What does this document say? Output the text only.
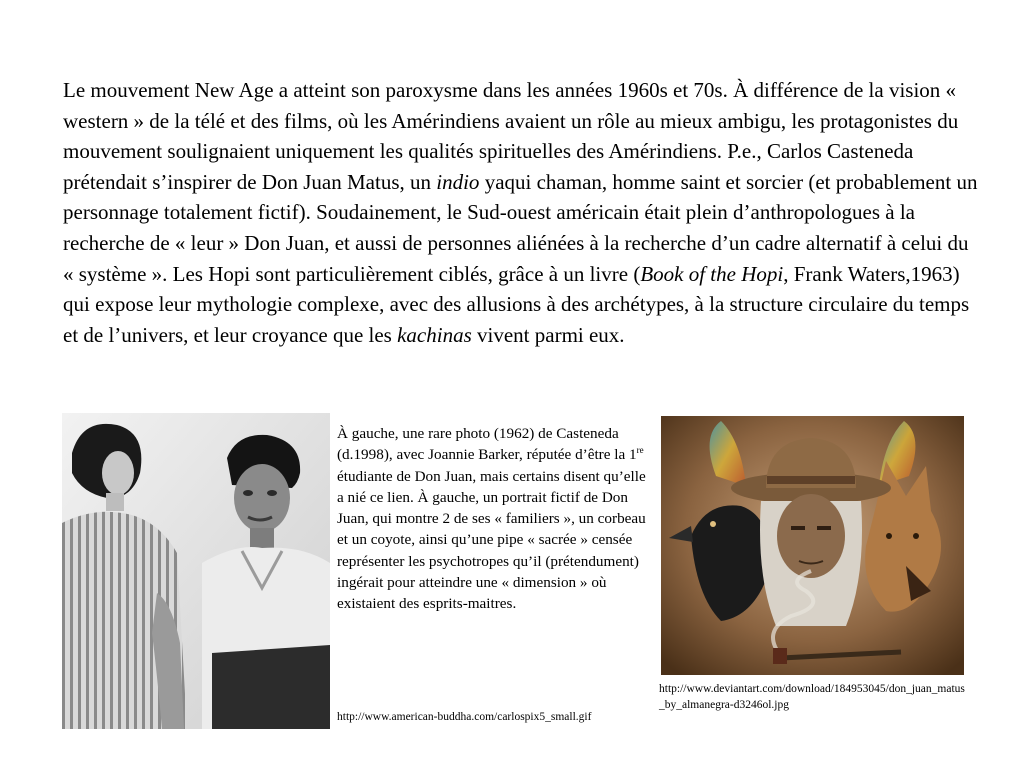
Le mouvement New Age a atteint son paroxysme dans les années 1960s et 70s. À différence de la vision « western » de la télé et des films, où les Amérindiens avaient un rôle au mieux ambigu, les protagonistes du mouvement soulignaient uniquement les qualités spirituelles des Amérindiens. P.e., Carlos Casteneda prétendait s’inspirer de Don Juan Matus, un indio yaqui chaman, homme saint et sorcier (et probablement un personnage totalement fictif). Soudainement, le Sud-ouest américain était plein d’anthropologues à la recherche de « leur » Don Juan, et aussi de personnes aliénées à la recherche d’un cadre alternatif à celui du « système ». Les Hopi sont particulièrement ciblés, grâce à un livre (Book of the Hopi, Frank Waters,1963) qui expose leur mythologie complexe, avec des allusions à des archétypes, à la structure circulaire du temps et de l’univers, et leur croyance que les kachinas vivent parmi eux.

À gauche, une rare photo (1962) de Casteneda (d.1998), avec Joannie Barker, réputée d’être la 1re étudiante de Don Juan, mais certains disent qu’elle a nié ce lien. À gauche, un portrait fictif de Don Juan, qui montre 2 de ses « familiers », un corbeau et un coyote, ainsi qu’une pipe « sacrée » censée représenter les psychotropes qu’il (prétendument) ingérait pour atteindre une « dimension » où existaient des esprits-maitres.

http://www.deviantart.com/download/184953045/don_juan_matus_by_almanegra-d3246ol.jpg

http://www.american-buddha.com/carlospix5_small.gif
